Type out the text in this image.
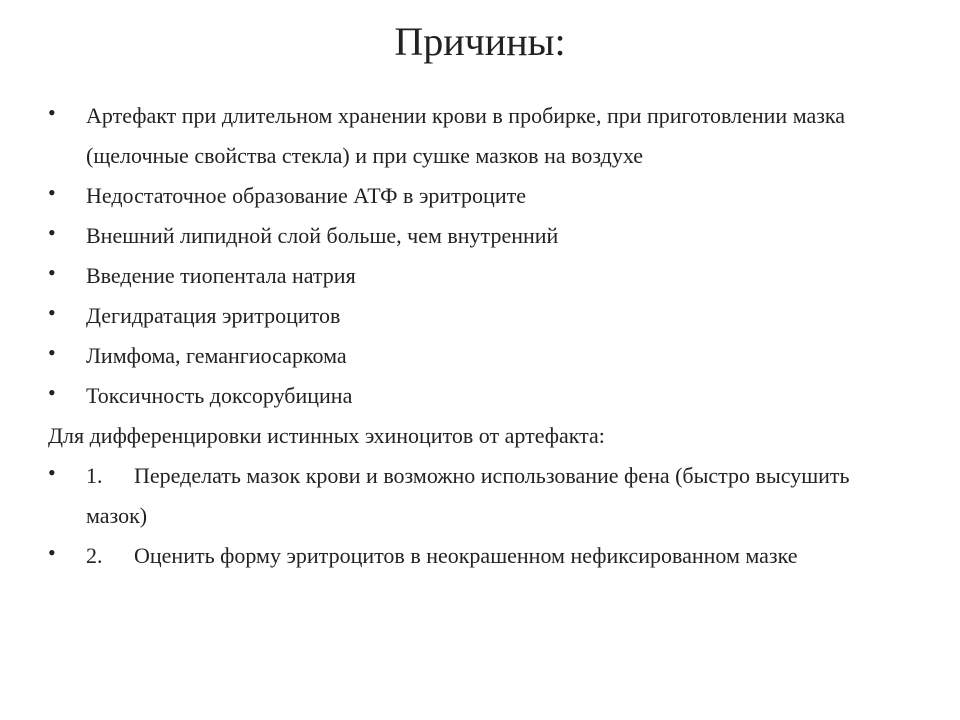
Причины:
• Артефакт при длительном хранении крови в пробирке, при приготовлении мазка (щелочные свойства стекла) и при сушке мазков на воздухе
• Недостаточное образование АТФ в эритроците
• Внешний липидной слой больше, чем внутренний
• Введение тиопентала натрия
• Дегидратация эритроцитов
• Лимфома, гемангиосаркома
• Токсичность доксорубицина
Для дифференцировки истинных эхиноцитов от артефакта:
• 1. Переделать мазок крови и возможно использование фена (быстро высушить мазок)
• 2. Оценить форму эритроцитов в неокрашенном нефиксированном мазке
